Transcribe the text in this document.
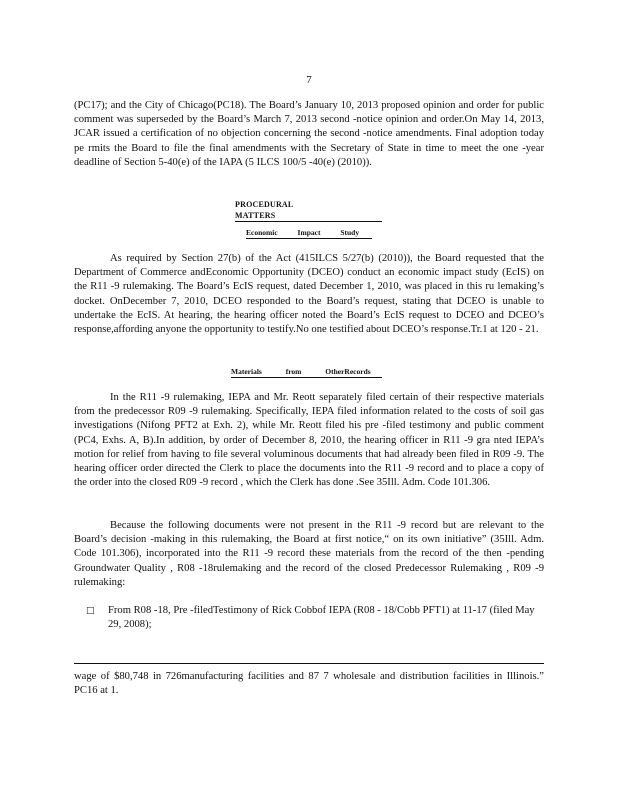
7
(PC17); and the City of Chicago(PC18). The Board’s January 10, 2013 proposed opinion and order for public comment was superseded by the Board’s March 7, 2013 second -notice opinion and order.On May 14, 2013, JCAR issued a certification of no objection concerning the second -notice amendments. Final adoption today pe rmits the Board to file the final amendments with the Secretary of State in time to meet the one -year deadline of Section 5-40(e) of the IAPA (5 ILCS 100/5 -40(e) (2010)).
PROCEDURAL MATTERS
Economic Impact Study
As required by Section 27(b) of the Act (415ILCS 5/27(b) (2010)), the Board requested that the Department of Commerce andEconomic Opportunity (DCEO) conduct an economic impact study (EcIS) on the R11 -9 rulemaking. The Board’s EcIS request, dated December 1, 2010, was placed in this ru lemaking’s docket. OnDecember 7, 2010, DCEO responded to the Board’s request, stating that DCEO is unable to undertake the EcIS. At hearing, the hearing officer noted the Board’s EcIS request to DCEO and DCEO’s response,affording anyone the opportunity to testify.No one testified about DCEO’s response.Tr.1 at 120 - 21.
Materials from OtherRecords
In the R11 -9 rulemaking, IEPA and Mr. Reott separately filed certain of their respective materials from the predecessor R09 -9 rulemaking. Specifically, IEPA filed information related to the costs of soil gas investigations (Nifong PFT2 at Exh. 2), while Mr. Reott filed his pre -filed testimony and public comment (PC4, Exhs. A, B).In addition, by order of December 8, 2010, the hearing officer in R11 -9 gra nted IEPA’s motion for relief from having to file several voluminous documents that had already been filed in R09 -9. The hearing officer order directed the Clerk to place the documents into the R11 -9 record and to place a copy of the order into the closed R09 -9 record , which the Clerk has done .See 35Ill. Adm. Code 101.306.
Because the following documents were not present in the R11 -9 record but are relevant to the Board’s decision -making in this rulemaking, the Board at first notice,“ on its own initiative” (35Ill. Adm. Code 101.306), incorporated into the R11 -9 record these materials from the record of the then -pending Groundwater Quality , R08 -18rulemaking and the record of the closed Predecessor Rulemaking , R09 -9 rulemaking:
□	From R08 -18, Pre -filedTestimony of Rick Cobbof IEPA (R08 - 18/Cobb PFT1) at 11-17 (filed May 29, 2008);
wage of $80,748 in 726manufacturing facilities and 87 7 wholesale and distribution facilities in Illinois.” PC16 at 1.
